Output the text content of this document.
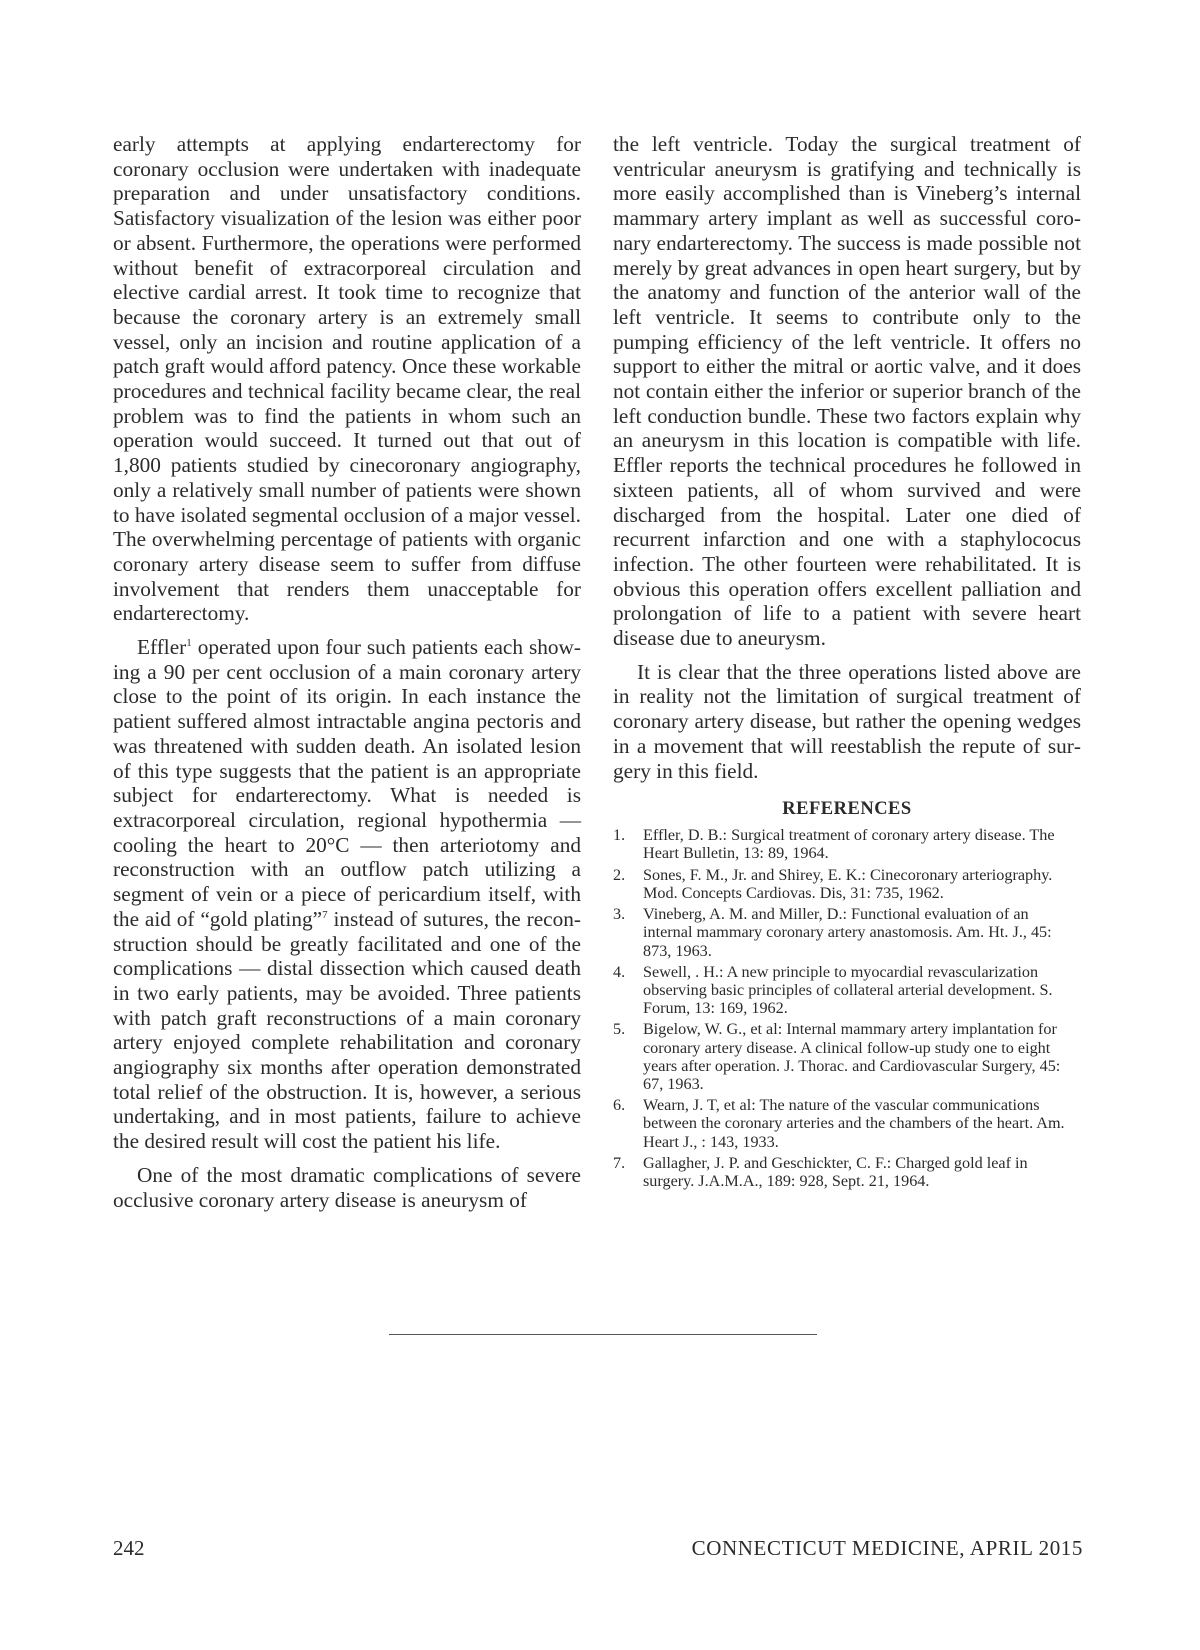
early attempts at applying endarterectomy for coronary occlusion were undertaken with inadequate preparation and under unsatisfactory conditions. Satisfactory visualization of the lesion was either poor or absent. Furthermore, the operations were performed without benefit of extracorporeal circulation and elective cardial arrest. It took time to recognize that because the coronary artery is an extremely small vessel, only an incision and routine application of a patch graft would afford patency. Once these workable procedures and technical facility became clear, the real problem was to find the patients in whom such an operation would succeed. It turned out that out of 1,800 patients studied by cinecoronary angiography, only a relatively small number of patients were shown to have isolated segmental occlusion of a major vessel. The overwhelming percentage of patients with organic coronary artery disease seem to suffer from diffuse involvement that renders them unacceptable for endarterectomy.

Effler$^1$ operated upon four such patients each showing a 90 per cent occlusion of a main coronary artery close to the point of its origin. In each instance the patient suffered almost intractable angina pectoris and was threatened with sudden death. An isolated lesion of this type suggests that the patient is an appropriate subject for endarterectomy. What is needed is extracorporeal circulation, regional hypothermia — cooling the heart to 20°C — then arteriotomy and reconstruction with an outflow patch utilizing a segment of vein or a piece of pericardium itself, with the aid of “gold plating”$^7$ instead of sutures, the reconstruction should be greatly facilitated and one of the complications — distal dissection which caused death in two early patients, may be avoided. Three patients with patch graft reconstructions of a main coronary artery enjoyed complete rehabilitation and coronary angiography six months after operation demonstrated total relief of the obstruction. It is, however, a serious undertaking, and in most patients, failure to achieve the desired result will cost the patient his life.

One of the most dramatic complications of severe occlusive coronary artery disease is aneurysm of

the left ventricle. Today the surgical treatment of ventricular aneurysm is gratifying and technically is more easily accomplished than is Vineberg’s internal mammary artery implant as well as successful coronary endarterectomy. The success is made possible not merely by great advances in open heart surgery, but by the anatomy and function of the anterior wall of the left ventricle. It seems to contribute only to the pumping efficiency of the left ventricle. It offers no support to either the mitral or aortic valve, and it does not contain either the inferior or superior branch of the left conduction bundle. These two factors explain why an aneurysm in this location is compatible with life. Effler reports the technical procedures he followed in sixteen patients, all of whom survived and were discharged from the hospital. Later one died of recurrent infarction and one with a staphylococus infection. The other fourteen were rehabilitated. It is obvious this operation offers excellent palliation and prolongation of life to a patient with severe heart disease due to aneurysm.

It is clear that the three operations listed above are in reality not the limitation of surgical treatment of coronary artery disease, but rather the opening wedges in a movement that will reestablish the repute of surgery in this field.

REFERENCES
1.	Effler, D. B.: Surgical treatment of coronary artery disease. The Heart Bulletin, 13: 89, 1964.
2.	Sones, F. M., Jr. and Shirey, E. K.: Cinecoronary arteriography. Mod. Concepts Cardiovas. Dis, 31: 735, 1962.
3.	Vineberg, A. M. and Miller, D.: Functional evaluation of an internal mammary coronary artery anastomosis. Am. Ht. J., 45: 873, 1963.
4.	Sewell, . H.: A new principle to myocardial revascularization observing basic principles of collateral arterial development. S. Forum, 13: 169, 1962.
5.	Bigelow, W. G., et al: Internal mammary artery implantation for coronary artery disease. A clinical follow-up study one to eight years after operation. J. Thorac. and Cardiovascular Surgery, 45: 67, 1963.
6.	Wearn, J. T, et al: The nature of the vascular communications between the coronary arteries and the chambers of the heart. Am. Heart J., : 143, 1933.
7.	Gallagher, J. P. and Geschickter, C. F.: Charged gold leaf in surgery. J.A.M.A., 189: 928, Sept. 21, 1964.
242	CONNECTICUT MEDICINE, APRIL 2015
